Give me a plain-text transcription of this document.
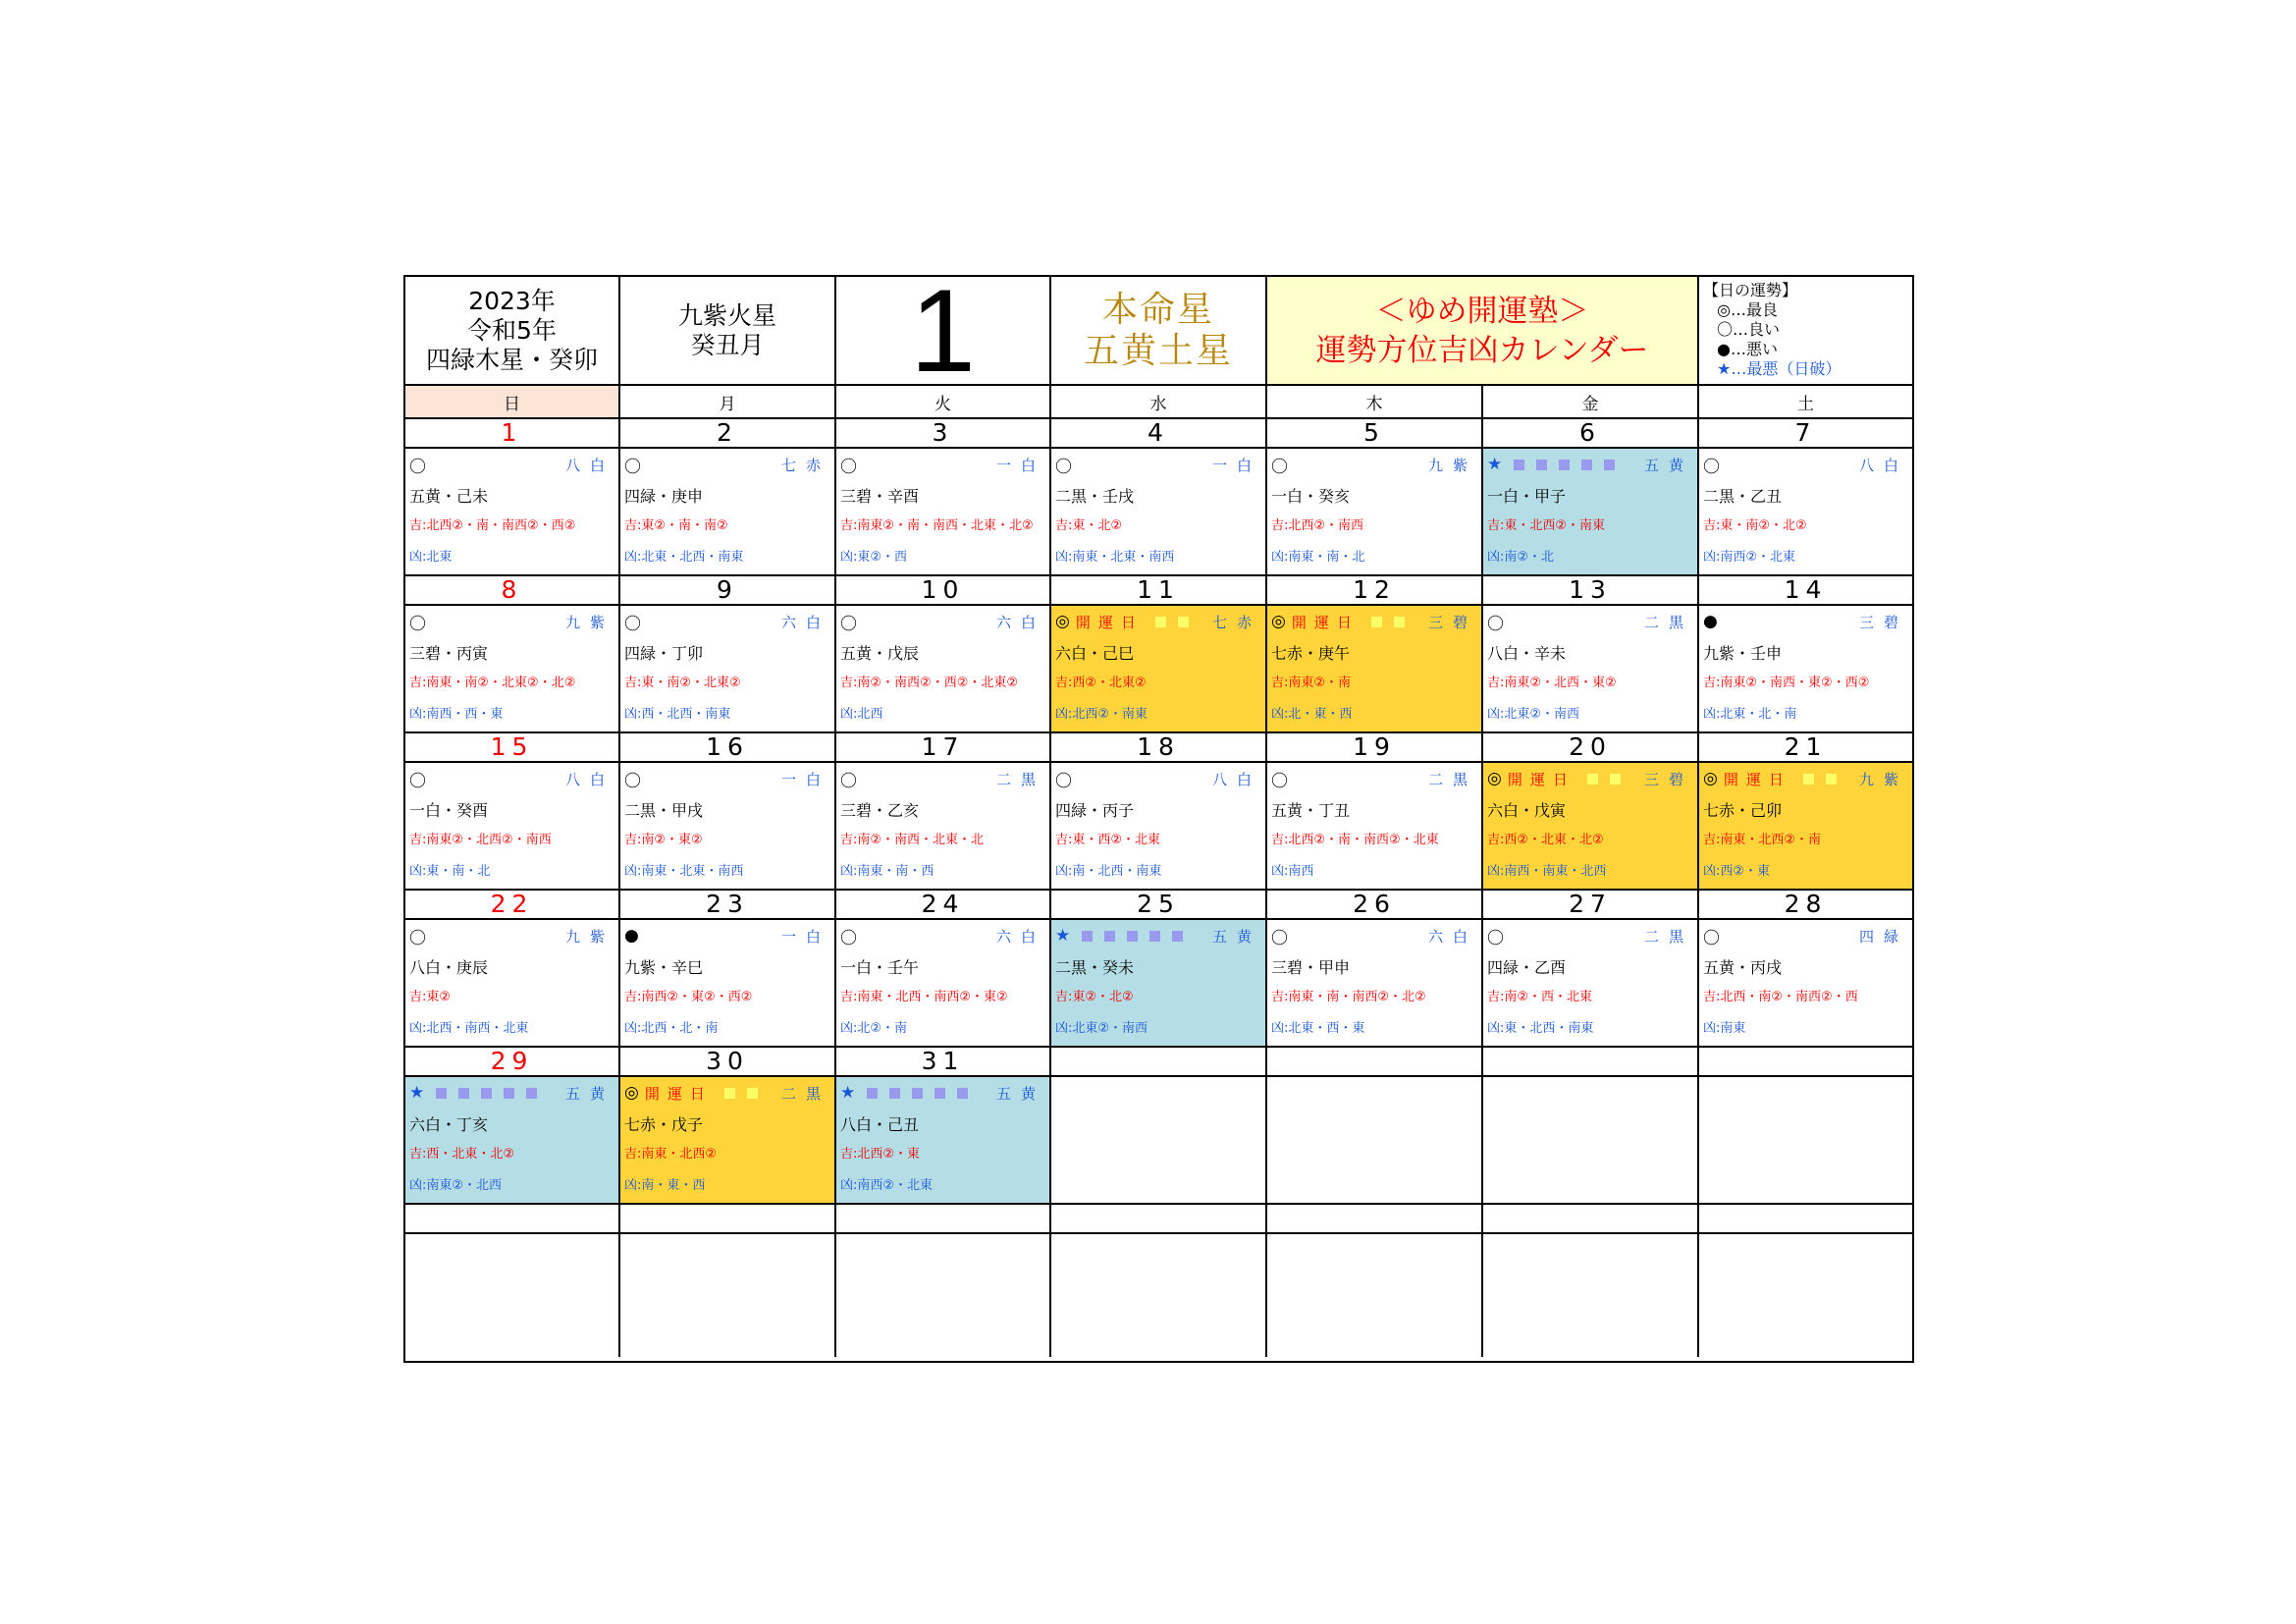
2023年
令和5年
四緑木星・癸卯
九紫火星
癸丑月 1	本命星
五黄土星
＜ゆめ開運塾＞
運勢方位吉凶カレンダー
【日の運勢】
◎…最良
〇…良い
●…悪い
★…最悪（日破）
日	月	火	水	木	金	土
1	2	3	4	5	6	7
〇	八白
五黄・己未
吉:北西②・南・南西②・西②
凶:北東
〇	七赤
四緑・庚申
吉:東②・南・南②
凶:北東・北西・南東
〇	一白
三碧・辛酉
吉:南東②・南・南西・北東・北②
凶:東②・西
〇	一白
二黒・壬戌
吉:東・北②
凶:南東・北東・南西
〇	九紫
一白・癸亥
吉:北西②・南西
凶:南東・南・北
★	五黄
一白・甲子
吉:東・北西②・南東
凶:南②・北
〇	八白
二黒・乙丑
吉:東・南②・北②
凶:南西②・北東
8	9	10	11	12	13	14
〇	九紫
三碧・丙寅
吉:南東・南②・北東②・北②
凶:南西・西・東
〇	六白
四緑・丁卯
吉:東・南②・北東②
凶:西・北西・南東
〇	六白
五黄・戊辰
吉:南②・南西②・西②・北東②
凶:北西
◎ 開運日	七赤
六白・己巳
吉:西②・北東②
凶:北西②・南東
◎ 開運日	三碧
七赤・庚午
吉:南東②・南
凶:北・東・西
〇	二黒
八白・辛未
吉:南東②・北西・東②
凶:北東②・南西
●	三碧
九紫・壬申
吉:南東②・南西・東②・西②
凶:北東・北・南
15	16	17	18	19	20	21
〇	八白
一白・癸酉
吉:南東②・北西②・南西
凶:東・南・北
〇	一白
二黒・甲戌
吉:南②・東②
凶:南東・北東・南西
〇	二黒
三碧・乙亥
吉:南②・南西・北東・北
凶:南東・南・西
〇	八白
四緑・丙子
吉:東・西②・北東
凶:南・北西・南東
〇	二黒
五黄・丁丑
吉:北西②・南・南西②・北東
凶:南西
◎ 開運日	三碧
六白・戊寅
吉:西②・北東・北②
凶:南西・南東・北西
◎ 開運日	九紫
七赤・己卯
吉:南東・北西②・南
凶:西②・東
22	23	24	25	26	27	28
〇	九紫
八白・庚辰
吉:東②
凶:北西・南西・北東
●	一白
九紫・辛巳
吉:南西②・東②・西②
凶:北西・北・南
〇	六白
一白・壬午
吉:南東・北西・南西②・東②
凶:北②・南
★	五黄
二黒・癸未
吉:東②・北②
凶:北東②・南西
〇	六白
三碧・甲申
吉:南東・南・南西②・北②
凶:北東・西・東
〇	二黒
四緑・乙酉
吉:南②・西・北東
凶:東・北西・南東
〇	四緑
五黄・丙戌
吉:北西・南②・南西②・西
凶:南東
29	30	31
★	五黄
六白・丁亥
吉:西・北東・北②
凶:南東②・北西
◎ 開運日	二黒
七赤・戊子
吉:南東・北西②
凶:南・東・西
★	五黄
八白・己丑
吉:北西②・東
凶:南西②・北東
